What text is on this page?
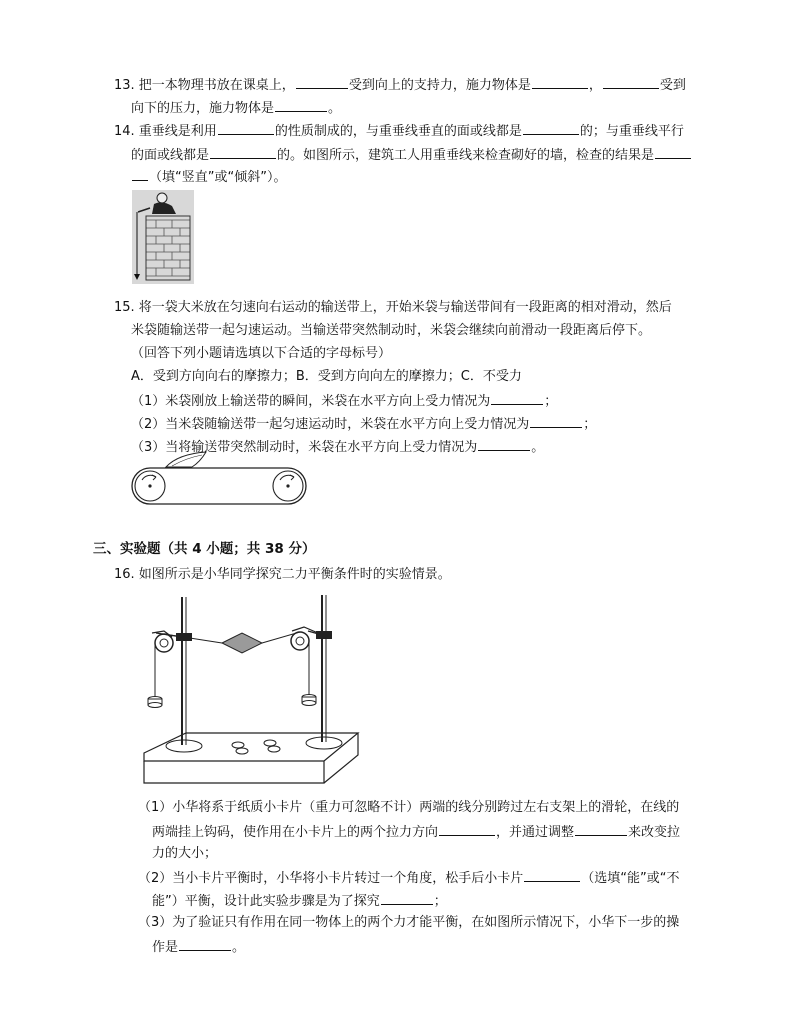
13. 把一本物理书放在课桌上，	受到向上的支持力，施力物体是	，	受到
向下的压力，施力物体是	。
14. 重垂线是利用	的性质制成的，与重垂线垂直的面或线都是	的；与重垂线平行
的面或线都是	的。如图所示，建筑工人用重垂线来检查砌好的墙，检查的结果是
（填“竖直”或“倾斜”）。
15. 将一袋大米放在匀速向右运动的输送带上，开始米袋与输送带间有一段距离的相对滑动，然后
米袋随输送带一起匀速运动。当输送带突然制动时，米袋会继续向前滑动一段距离后停下。
（回答下列小题请选填以下合适的字母标号）
A．受到方向向右的摩擦力；B．受到方向向左的摩擦力；C．不受力
（1）米袋刚放上输送带的瞬间，米袋在水平方向上受力情况为	；
（2）当米袋随输送带一起匀速运动时，米袋在水平方向上受力情况为	；
（3）当将输送带突然制动时，米袋在水平方向上受力情况为	。
三、实验题（共 4 小题；共 38 分）
16. 如图所示是小华同学探究二力平衡条件时的实验情景。
（1）小华将系于纸质小卡片（重力可忽略不计）两端的线分别跨过左右支架上的滑轮，在线的
两端挂上钩码，使作用在小卡片上的两个拉力方向	，并通过调整	来改变拉
力的大小；
（2）当小卡片平衡时，小华将小卡片转过一个角度，松手后小卡片	（选填“能”或“不
能”）平衡，设计此实验步骤是为了探究	；
（3）为了验证只有作用在同一物体上的两个力才能平衡，在如图所示情况下，小华下一步的操
作是	。
